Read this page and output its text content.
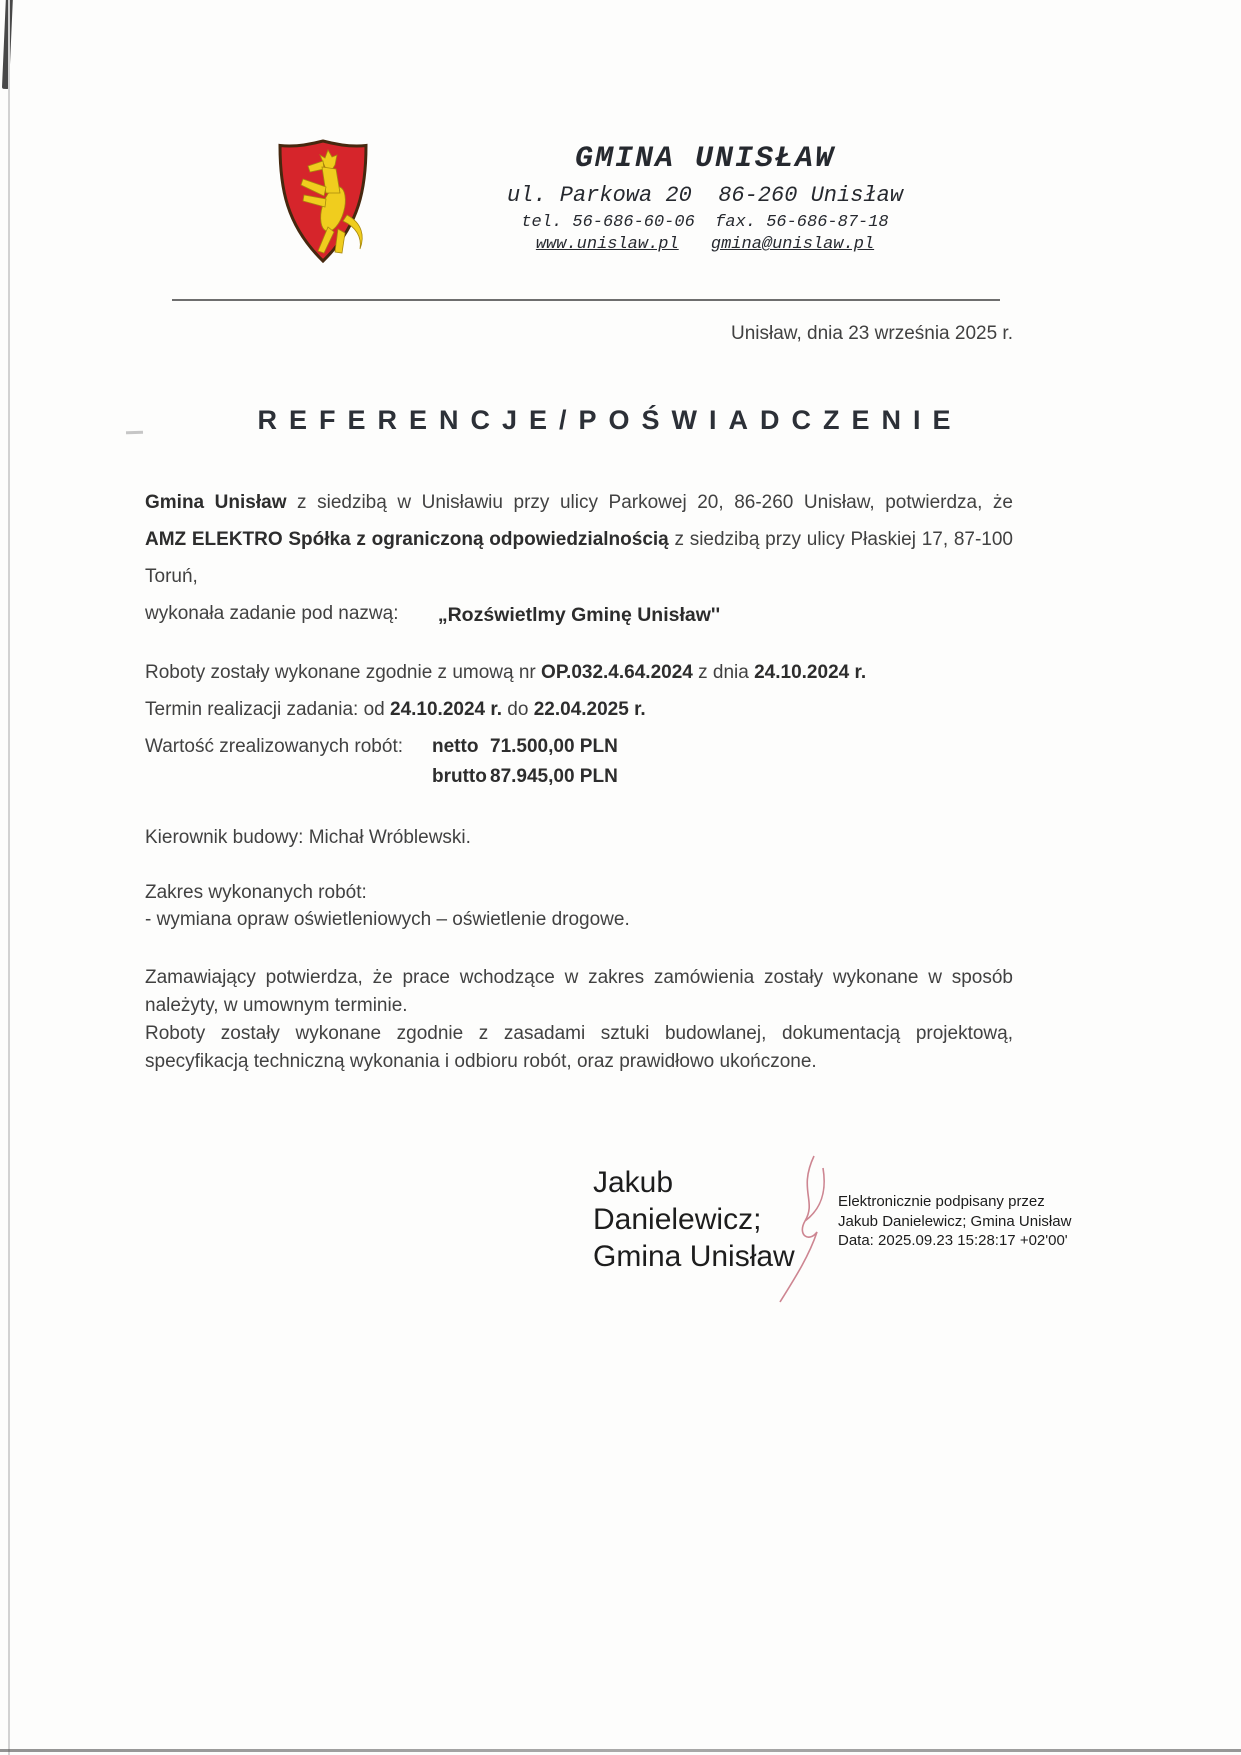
GMINA UNISŁAW
ul. Parkowa 20  86-260 Unisław
tel. 56-686-60-06  fax. 56-686-87-18
www.unislaw.pl gmina@unislaw.pl
Unisław, dnia 23 września 2025 r.
REFERENCJE/POŚWIADCZENIE
Gmina Unisław z siedzibą w Unisławiu przy ulicy Parkowej 20, 86-260 Unisław, potwierdza, że
AMZ ELEKTRO Spółka z ograniczoną odpowiedzialnością z siedzibą przy ulicy Płaskiej 17, 87-100 Toruń,
wykonała zadanie pod nazwą:	„Rozświetlmy Gminę Unisław''
Roboty zostały wykonane zgodnie z umową nr OP.032.4.64.2024 z dnia 24.10.2024 r.
Termin realizacji zadania: od 24.10.2024 r. do 22.04.2025 r.
Wartość zrealizowanych robót:	netto 71.500,00 PLN
brutto 87.945,00 PLN
Kierownik budowy: Michał Wróblewski.
Zakres wykonanych robót:
- wymiana opraw oświetleniowych – oświetlenie drogowe.
Zamawiający potwierdza, że prace wchodzące w zakres zamówienia zostały wykonane w sposób
należyty, w umownym terminie.
Roboty zostały wykonane zgodnie z zasadami sztuki budowlanej, dokumentacją projektową,
specyfikacją techniczną wykonania i odbioru robót, oraz prawidłowo ukończone.
Jakub Danielewicz; Gmina Unisław
Elektronicznie podpisany przez
Jakub Danielewicz; Gmina Unisław
Data: 2025.09.23 15:28:17 +02'00'
